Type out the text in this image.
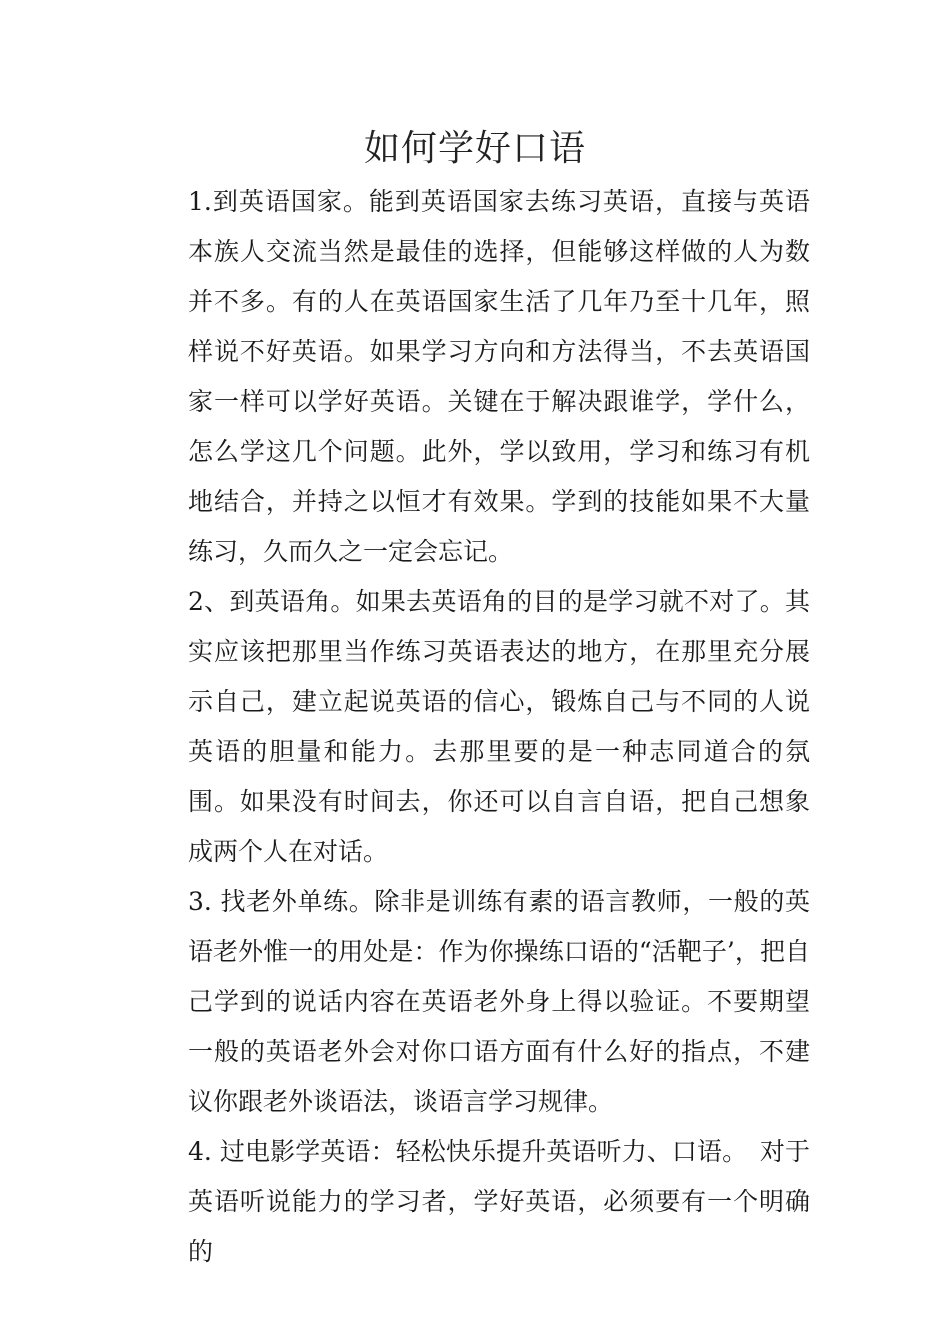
如何学好口语

1.到英语国家。能到英语国家去练习英语，直接与英语本族人交流当然是最佳的选择，但能够这样做的人为数并不多。有的人在英语国家生活了几年乃至十几年，照样说不好英语。如果学习方向和方法得当，不去英语国家一样可以学好英语。关键在于解决跟谁学，学什么，怎么学这几个问题。此外，学以致用，学习和练习有机地结合，并持之以恒才有效果。学到的技能如果不大量练习，久而久之一定会忘记。

2、到英语角。如果去英语角的目的是学习就不对了。其实应该把那里当作练习英语表达的地方，在那里充分展示自己，建立起说英语的信心，锻炼自己与不同的人说英语的胆量和能力。去那里要的是一种志同道合的氛围。如果没有时间去，你还可以自言自语，把自己想象成两个人在对话。

3. 找老外单练。除非是训练有素的语言教师，一般的英语老外惟一的用处是：作为你操练口语的“活靶子’，把自己学到的说话内容在英语老外身上得以验证。不要期望一般的英语老外会对你口语方面有什么好的指点，不建议你跟老外谈语法，谈语言学习规律。

4. 过电影学英语：轻松快乐提升英语听力、口语。　对于英语听说能力的学习者，学好英语，必须要有一个明确的
